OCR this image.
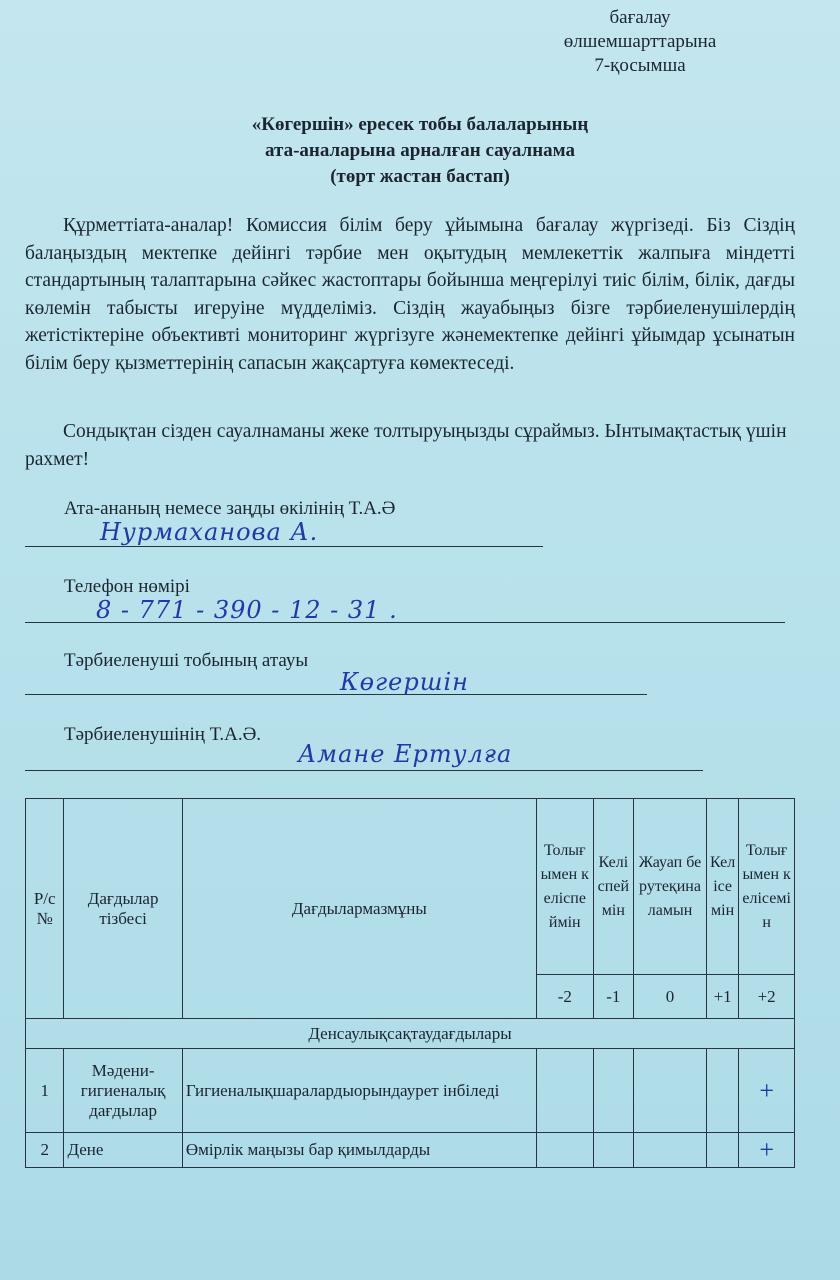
бағалау
өлшемшарттарына
7-қосымша
«Көгершін» ересек тобы балаларының
ата-аналарына арналған сауалнама
(төрт жастан бастап)

Құрметтіата-аналар! Комиссия білім беру ұйымына бағалау жүргізеді. Біз Сіздің балаңыздың мектепке дейінгі тәрбие мен оқытудың мемлекеттік жалпыға міндетті стандартының талаптарына сәйкес жастоптары бойынша меңгерілуі тиіс білім, білік, дағды көлемін табысты игеруіне мүдделіміз. Сіздің жауабыңыз бізге тәрбиеленушілердің жетістіктеріне объективті мониторинг жүргізуге жәнемектепке дейінгі ұйымдар ұсынатын білім беру қызметтерінің сапасын жақсартуға көмектеседі.

Сондықтан сізден сауалнаманы жеке толтыруыңызды сұраймыз. Ынтымақтастық үшін рахмет!

Ата-ананың немесе заңды өкілінің Т.А.Ә
Нурмаханова А.
Телефон нөмірі
8 - 771 - 390 - 12 - 31 .
Тәрбиеленуші тобының атауы
Көгершін
Тәрбиеленушінің Т.А.Ә.
Амане Ертулға
Р/с №	Дағдылар тізбесі	Дағдылармазмұны	Толығымен келіспеймін	Келіспеймін	Жауап берутеқиналамын	Келісемін	Толығымен келісемін
			-2	-1	0	+1	+2
Денсаулықсақтаудағдылары							
1	Мәдени-гигиеналық дағдылар	Гигиеналықшаралардыорындаурет інбіледі					+
2	Дене	Өмірлік маңызы бар қимылдарды					+
